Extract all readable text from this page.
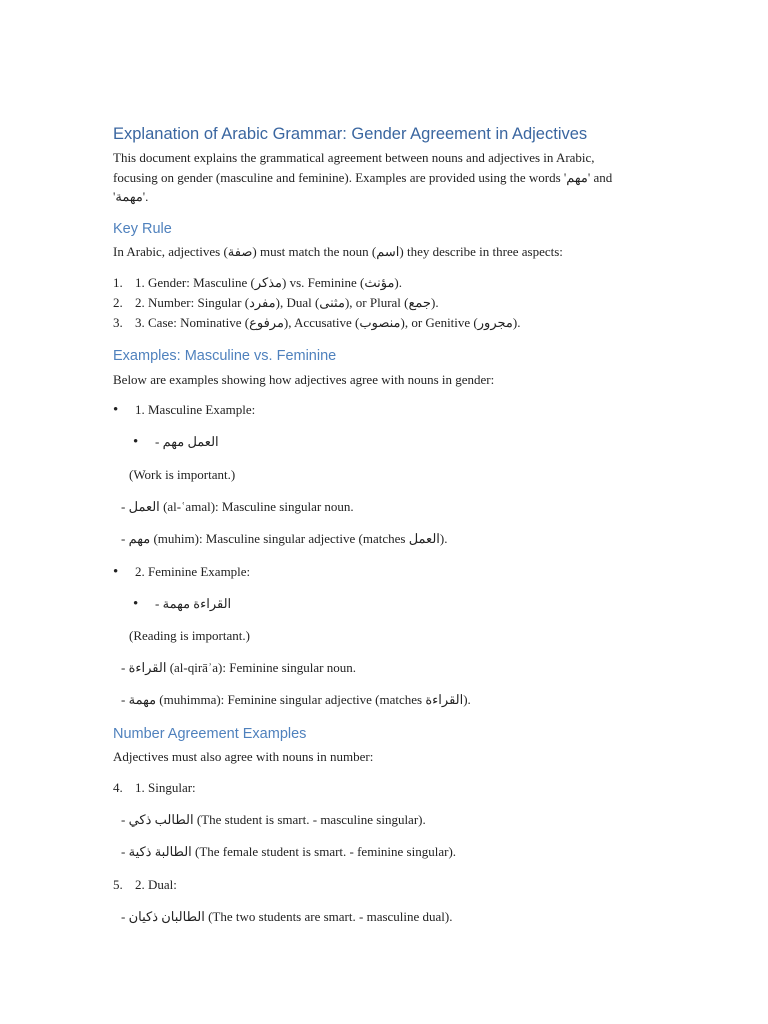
Explanation of Arabic Grammar: Gender Agreement in Adjectives
This document explains the grammatical agreement between nouns and adjectives in Arabic, focusing on gender (masculine and feminine). Examples are provided using the words 'مهم' and 'مهمة'.
Key Rule
In Arabic, adjectives (صفة) must match the noun (اسم) they describe in three aspects:
1. 1. Gender: Masculine (مذكر) vs. Feminine (مؤنث).
2. 2. Number: Singular (مفرد), Dual (مثنى), or Plural (جمع).
3. 3. Case: Nominative (مرفوع), Accusative (منصوب), or Genitive (مجرور).
Examples: Masculine vs. Feminine
Below are examples showing how adjectives agree with nouns in gender:
• 1. Masculine Example:
• - العمل مهم
(Work is important.)
- العمل (al-ʿamal): Masculine singular noun.
- مهم (muhim): Masculine singular adjective (matches العمل).
• 2. Feminine Example:
• - القراءة مهمة
(Reading is important.)
- القراءة (al-qirāʾa): Feminine singular noun.
- مهمة (muhimma): Feminine singular adjective (matches القراءة).
Number Agreement Examples
Adjectives must also agree with nouns in number:
4. 1. Singular:
- الطالب ذكي (The student is smart. - masculine singular).
- الطالبة ذكية (The female student is smart. - feminine singular).
5. 2. Dual:
- الطالبان ذكيان (The two students are smart. - masculine dual).
